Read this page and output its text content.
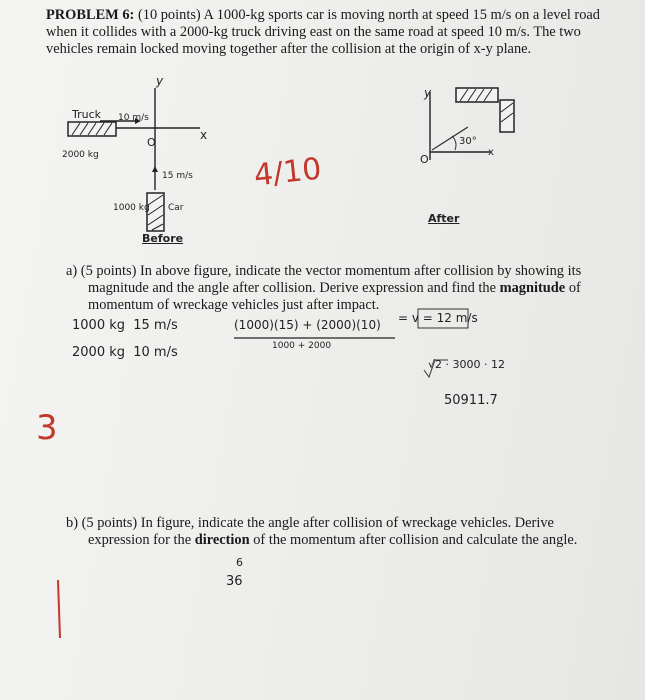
PROBLEM 6: (10 points) A 1000-kg sports car is moving north at speed 15 m/s on a level road
when it collides with a 2000-kg truck driving east on the same road at speed 10 m/s. The two
vehicles remain locked moving together after the collision at the origin of x-y plane.
Truck 10 m/s
2000 kg
y
x
O
15 m/s
1000 kg Car
Before
4/10
y
x
O
30°
After
a) (5 points) In above figure, indicate the vector momentum after collision by showing its
magnitude and the angle after collision. Derive expression and find the magnitude of
momentum of wreckage vehicles just after impact.
1000 kg  15 m/s
2000 kg  10 m/s
(1000)(15) + (2000)(10)
1000 + 2000
= v = 12 m/s
√2 · 3000 · 12
50911.7
3
b) (5 points) In figure, indicate the angle after collision of wreckage vehicles. Derive
expression for the direction of the momentum after collision and calculate the angle.
36
6
